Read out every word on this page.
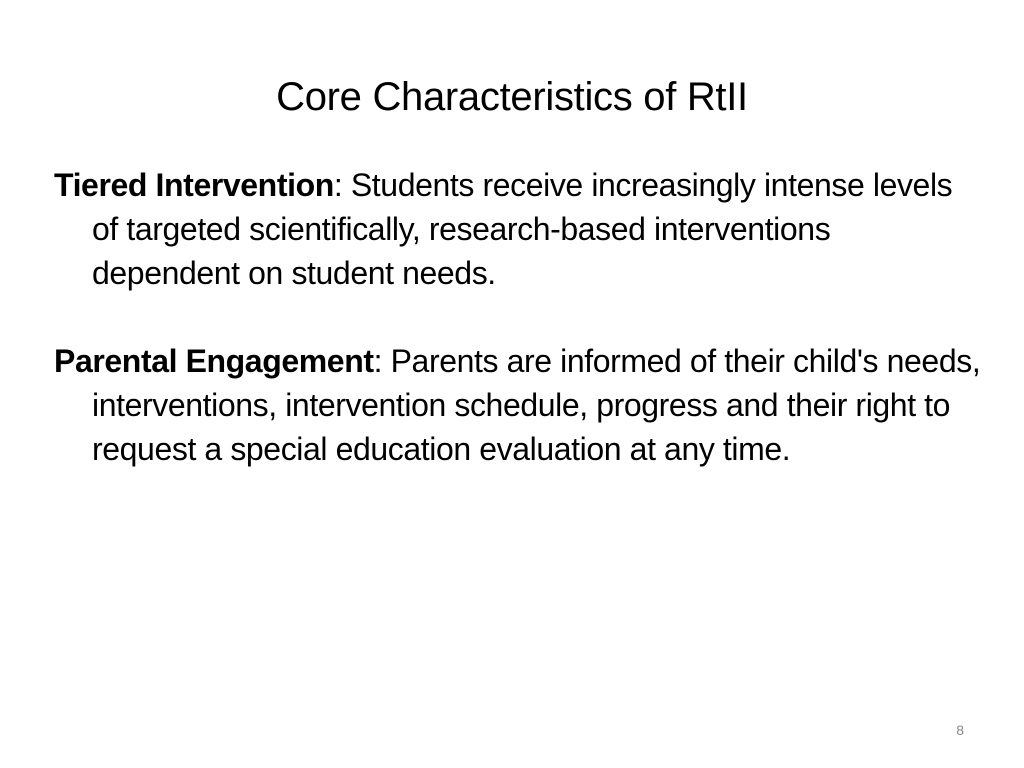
Core Characteristics of RtII

Tiered Intervention: Students receive increasingly intense levels of targeted scientifically, research-based interventions dependent on student needs.

Parental Engagement: Parents are informed of their child's needs, interventions, intervention schedule, progress and their right to request a special education evaluation at any time.

8
